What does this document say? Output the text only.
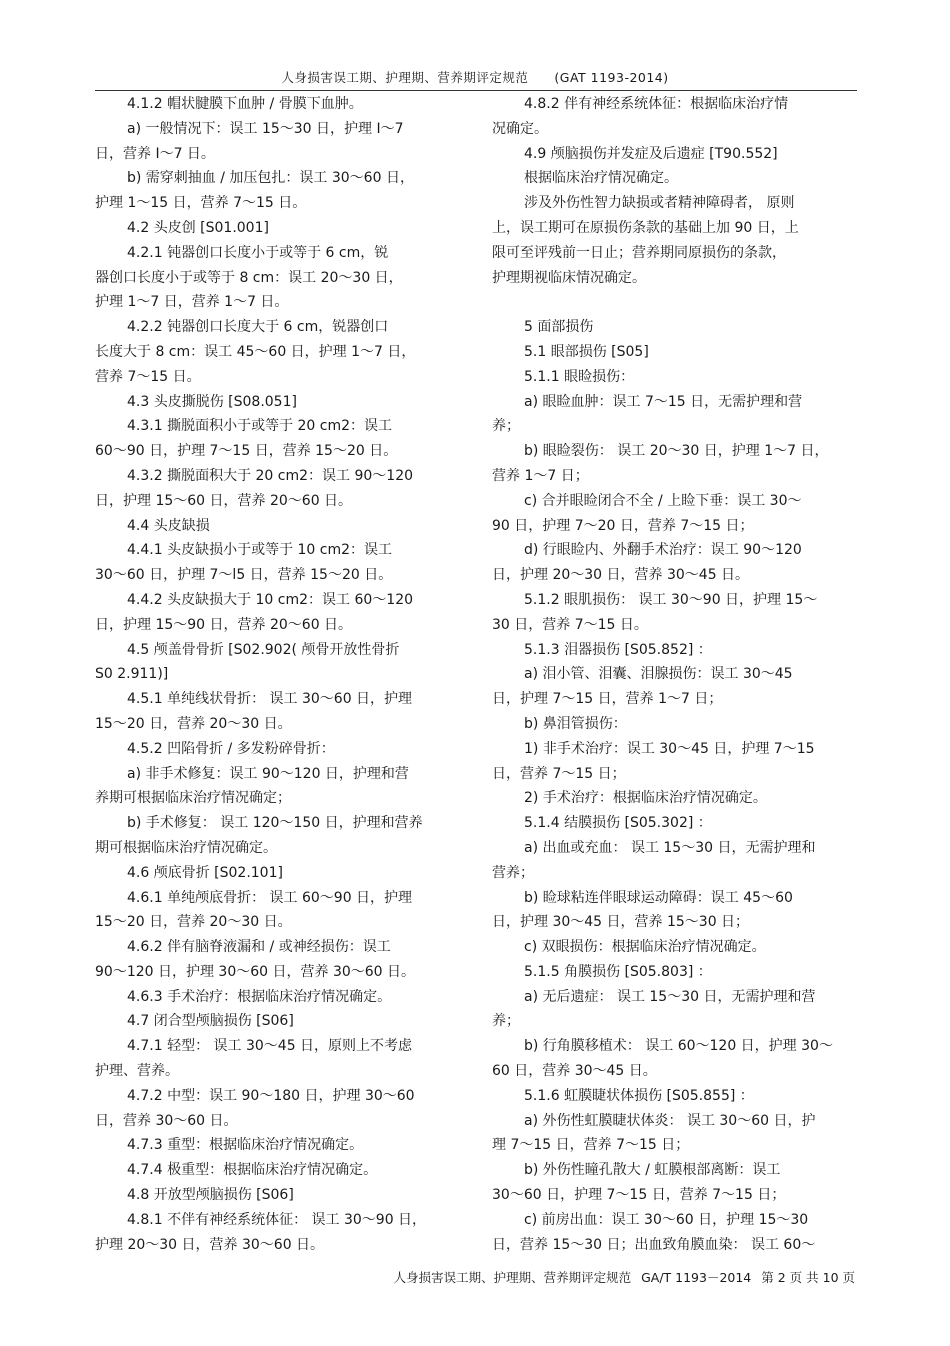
人身损害误工期、护理期、营养期评定规范 (GAT 1193-2014)
4.1.2 帽状腱膜下血肿 / 骨膜下血肿。
a) 一般情况下：误工 15～30 日，护理 Ⅰ～7
日，营养 Ⅰ～7 日。
b) 需穿刺抽血 / 加压包扎：误工 30～60 日，
护理 1～15 日，营养 7～15 日。
4.2 头皮创 [S01.001]
4.2.1 钝器创口长度小于或等于 6 cm，锐
器创口长度小于或等于 8 cm：误工 20～30 日，
护理 1～7 日，营养 1～7 日。
4.2.2 钝器创口长度大于 6 cm，锐器创口
长度大于 8 cm：误工 45～60 日，护理 1～7 日，
营养 7～15 日。
4.3 头皮撕脱伤 [S08.051]
4.3.1 撕脱面积小于或等于 20 cm2：误工
60～90 日，护理 7～15 日，营养 15～20 日。
4.3.2 撕脱面积大于 20 cm2：误工 90～120
日，护理 15～60 日，营养 20～60 日。
4.4 头皮缺损
4.4.1 头皮缺损小于或等于 10 cm2：误工
30～60 日，护理 7～l5 日，营养 15～20 日。
4.4.2 头皮缺损大于 10 cm2：误工 60～120
日，护理 15～90 日，营养 20～60 日。
4.5 颅盖骨骨折 [S02.902( 颅骨开放性骨折
S0 2.911)]
4.5.1 单纯线状骨折： 误工 30～60 日，护理
15～20 日，营养 20～30 日。
4.5.2 凹陷骨折 / 多发粉碎骨折：
a) 非手术修复：误工 90～120 日，护理和营
养期可根据临床治疗情况确定；
b) 手术修复： 误工 120～150 日，护理和营养
期可根据临床治疗情况确定。
4.6 颅底骨折 [S02.101]
4.6.1 单纯颅底骨折： 误工 60～90 日，护理
15～20 日，营养 20～30 日。
4.6.2 伴有脑脊液漏和 / 或神经损伤：误工
90～120 日，护理 30～60 日，营养 30～60 日。
4.6.3 手术治疗：根据临床治疗情况确定。
4.7 闭合型颅脑损伤 [S06]
4.7.1 轻型： 误工 30～45 日，原则上不考虑
护理、营养。
4.7.2 中型：误工 90～180 日，护理 30～60
日，营养 30～60 日。
4.7.3 重型：根据临床治疗情况确定。
4.7.4 极重型：根据临床治疗情况确定。
4.8 开放型颅脑损伤 [S06]
4.8.1 不伴有神经系统体征： 误工 30～90 日，
护理 20～30 日，营养 30～60 日。
4.8.2 伴有神经系统体征：根据临床治疗情
况确定。
4.9 颅脑损伤并发症及后遗症 [T90.552]
根据临床治疗情况确定。
涉及外伤性智力缺损或者精神障碍者， 原则
上，误工期可在原损伤条款的基础上加 90 日，上
限可至评残前一日止；营养期同原损伤的条款，
护理期视临床情况确定。
5 面部损伤
5.1 眼部损伤 [S05]
5.1.1 眼睑损伤：
a) 眼睑血肿：误工 7～15 日，无需护理和营
养；
b) 眼睑裂伤： 误工 20～30 日，护理 1～7 日，
营养 1～7 日；
c) 合并眼睑闭合不全 / 上睑下垂：误工 30～
90 日，护理 7～20 日，营养 7～15 日；
d) 行眼睑内、外翻手术治疗：误工 90～120
日，护理 20～30 日，营养 30～45 日。
5.1.2 眼肌损伤： 误工 30～90 日，护理 15～
30 日，营养 7～15 日。
5.1.3 泪器损伤 [S05.852] ：
a) 泪小管、泪囊、泪腺损伤：误工 30～45
日，护理 7～15 日，营养 1～7 日；
b) 鼻泪管损伤：
1) 非手术治疗：误工 30～45 日，护理 7～15
日，营养 7～15 日；
2) 手术治疗：根据临床治疗情况确定。
5.1.4 结膜损伤 [S05.302] ：
a) 出血或充血： 误工 15～30 日，无需护理和
营养；
b) 睑球粘连伴眼球运动障碍：误工 45～60
日，护理 30～45 日，营养 15～30 日；
c) 双眼损伤：根据临床治疗情况确定。
5.1.5 角膜损伤 [S05.803] ：
a) 无后遗症： 误工 15～30 日，无需护理和营
养；
b) 行角膜移植术： 误工 60～120 日，护理 30～
60 日，营养 30～45 日。
5.1.6 虹膜睫状体损伤 [S05.855] ：
a) 外伤性虹膜睫状体炎： 误工 30～60 日，护
理 7～15 日，营养 7～15 日；
b) 外伤性瞳孔散大 / 虹膜根部离断：误工
30～60 日，护理 7～15 日，营养 7～15 日；
c) 前房出血：误工 30～60 日，护理 15～30
日，营养 15～30 日；出血致角膜血染： 误工 60～
人身损害误工期、护理期、营养期评定规范 GA/T 1193－2014 第 2 页 共 10 页
